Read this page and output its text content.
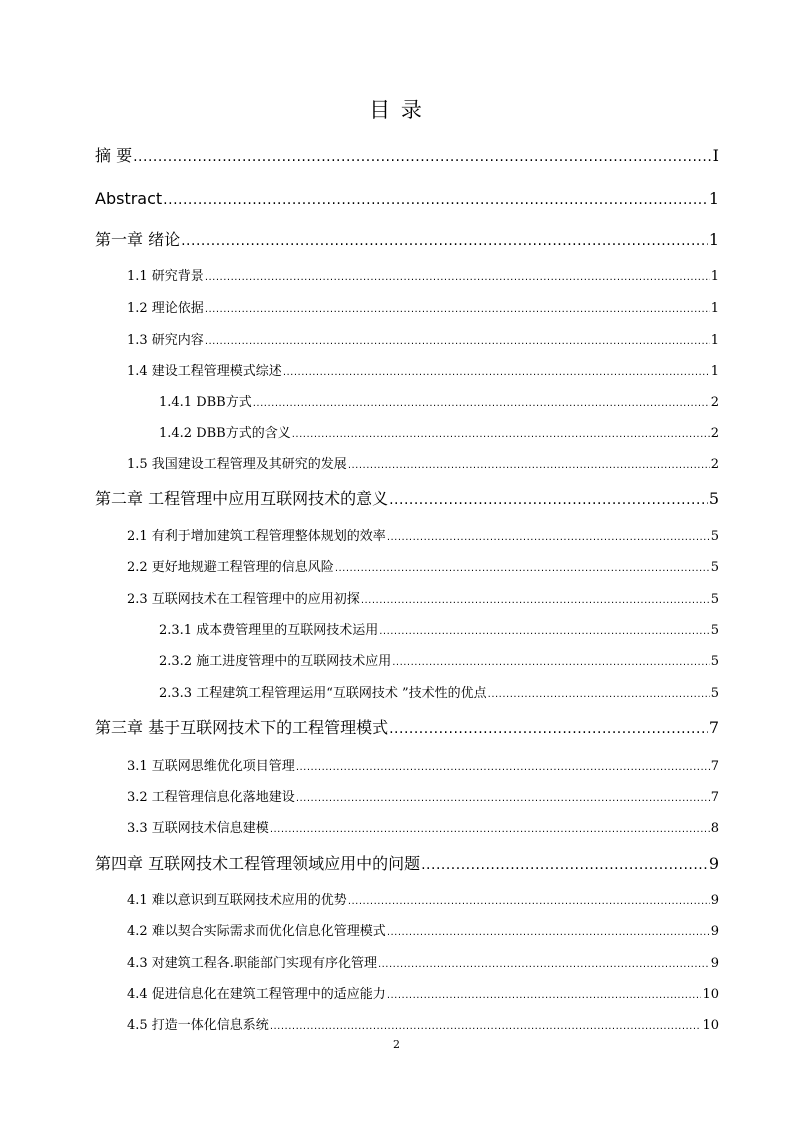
目 录
摘 要 .....	I
Abstract .....	1
第一章 绪论 .....	1
1.1 研究背景 .....	1
1.2 理论依据 .....	1
1.3 研究内容 .....	1
1.4 建设工程管理模式综述 .....	1
1.4.1 DBB方式 .....	2
1.4.2 DBB方式的含义 .....	2
1.5 我国建设工程管理及其研究的发展 .....	2
第二章 工程管理中应用互联网技术的意义 .....	5
2.1 有利于增加建筑工程管理整体规划的效率 .....	5
2.2 更好地规避工程管理的信息风险 .....	5
2.3 互联网技术在工程管理中的应用初探 .....	5
2.3.1 成本费管理里的互联网技术运用 .....	5
2.3.2 施工进度管理中的互联网技术应用 .....	5
2.3.3 工程建筑工程管理运用“互联网技术 ”技术性的优点 .....	5
第三章 基于互联网技术下的工程管理模式 .....	7
3.1 互联网思维优化项目管理 .....	7
3.2 工程管理信息化落地建设 .....	7
3.3 互联网技术信息建模 .....	8
第四章 互联网技术工程管理领域应用中的问题 .....	9
4.1 难以意识到互联网技术应用的优势 .....	9
4.2 难以契合实际需求而优化信息化管理模式 .....	9
4.3 对建筑工程各.职能部门实现有序化管理 .....	9
4.4 促进信息化在建筑工程管理中的适应能力 .....	10
4.5 打造一体化信息系统 .....	10
2
